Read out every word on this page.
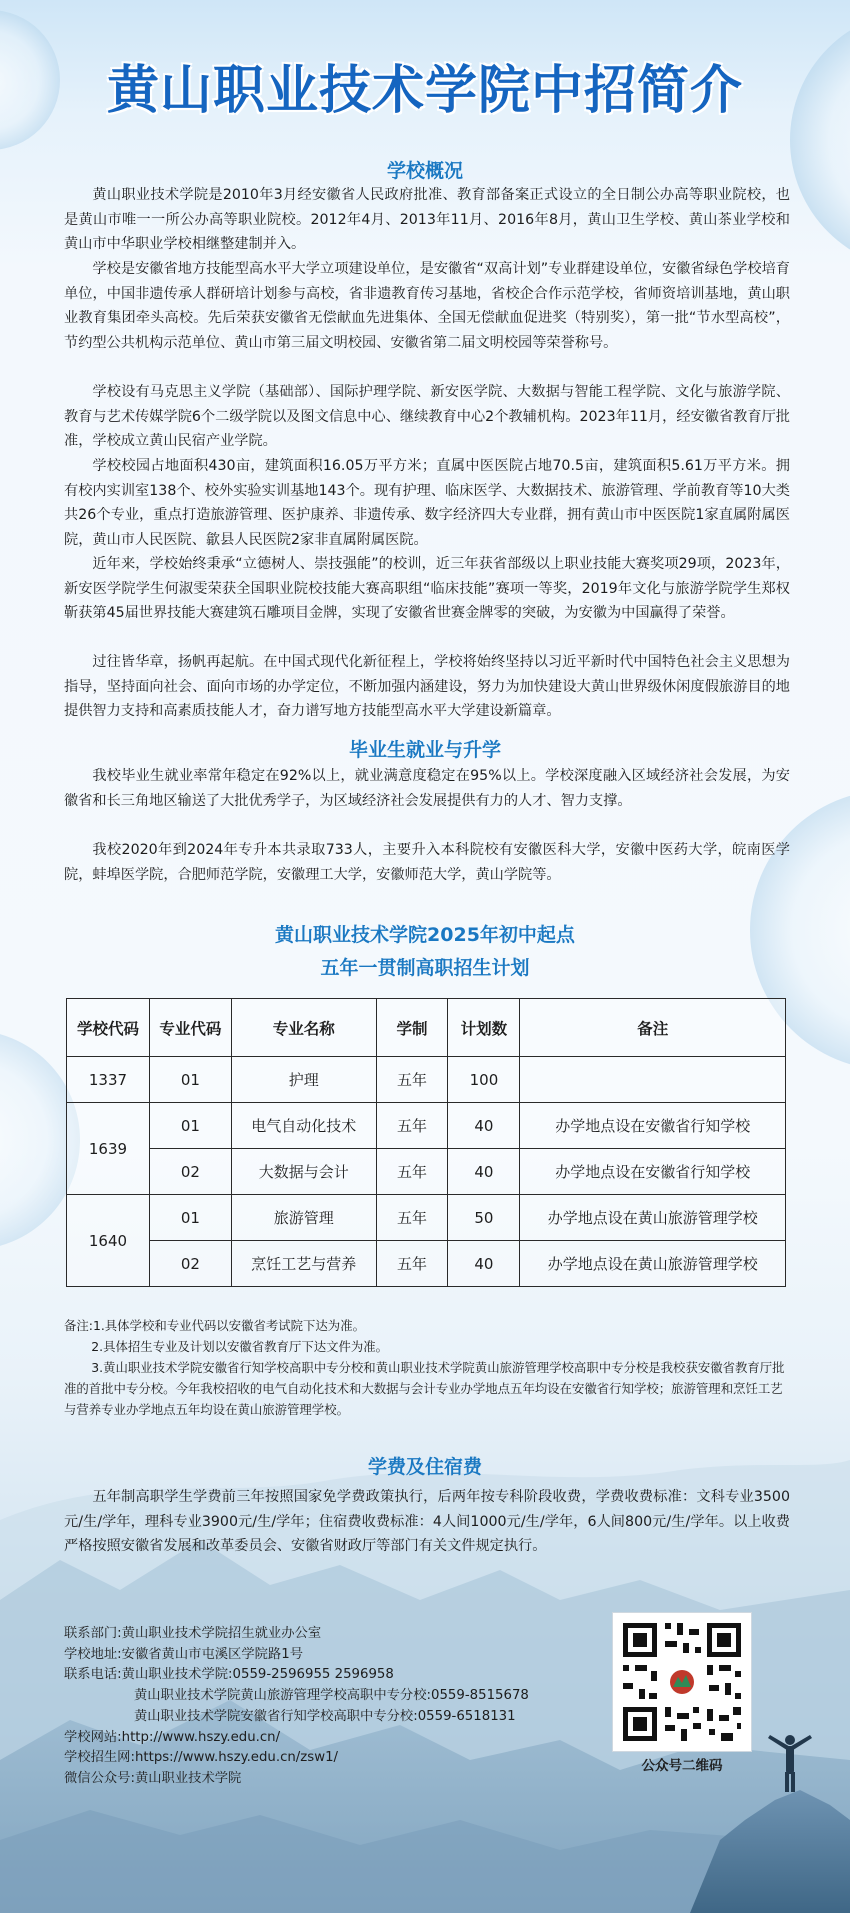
黄山职业技术学院中招简介
学校概况

黄山职业技术学院是2010年3月经安徽省人民政府批准、教育部备案正式设立的全日制公办高等职业院校，也是黄山市唯一一所公办高等职业院校。2012年4月、2013年11月、2016年8月，黄山卫生学校、黄山茶业学校和黄山市中华职业学校相继整建制并入。

学校是安徽省地方技能型高水平大学立项建设单位，是安徽省“双高计划”专业群建设单位，安徽省绿色学校培育单位，中国非遗传承人群研培计划参与高校，省非遗教育传习基地，省校企合作示范学校，省师资培训基地，黄山职业教育集团牵头高校。先后荣获安徽省无偿献血先进集体、全国无偿献血促进奖（特别奖），第一批“节水型高校”，节约型公共机构示范单位、黄山市第三届文明校园、安徽省第二届文明校园等荣誉称号。

学校设有马克思主义学院（基础部）、国际护理学院、新安医学院、大数据与智能工程学院、文化与旅游学院、教育与艺术传媒学院6个二级学院以及图文信息中心、继续教育中心2个教辅机构。2023年11月，经安徽省教育厅批准，学校成立黄山民宿产业学院。

学校校园占地面积430亩，建筑面积16.05万平方米；直属中医医院占地70.5亩，建筑面积5.61万平方米。拥有校内实训室138个、校外实验实训基地143个。现有护理、临床医学、大数据技术、旅游管理、学前教育等10大类共26个专业，重点打造旅游管理、医护康养、非遗传承、数字经济四大专业群，拥有黄山市中医医院1家直属附属医院，黄山市人民医院、歙县人民医院2家非直属附属医院。

近年来，学校始终秉承“立德树人、崇技强能”的校训，近三年获省部级以上职业技能大赛奖项29项，2023年，新安医学院学生何淑雯荣获全国职业院校技能大赛高职组“临床技能”赛项一等奖，2019年文化与旅游学院学生郑权靳获第45届世界技能大赛建筑石雕项目金牌，实现了安徽省世赛金牌零的突破，为安徽为中国赢得了荣誉。

过往皆华章，扬帆再起航。在中国式现代化新征程上，学校将始终坚持以习近平新时代中国特色社会主义思想为指导，坚持面向社会、面向市场的办学定位，不断加强内涵建设，努力为加快建设大黄山世界级休闲度假旅游目的地提供智力支持和高素质技能人才，奋力谱写地方技能型高水平大学建设新篇章。

毕业生就业与升学

我校毕业生就业率常年稳定在92%以上，就业满意度稳定在95%以上。学校深度融入区域经济社会发展，为安徽省和长三角地区输送了大批优秀学子，为区域经济社会发展提供有力的人才、智力支撑。

我校2020年到2024年专升本共录取733人，主要升入本科院校有安徽医科大学，安徽中医药大学，皖南医学院，蚌埠医学院，合肥师范学院，安徽理工大学，安徽师范大学，黄山学院等。

黄山职业技术学院2025年初中起点
五年一贯制高职招生计划
学校代码	专业代码	专业名称	学制	计划数	备注
1337	01	护理	五年	100	
1639	01	电气自动化技术	五年	40	办学地点设在安徽省行知学校
	02	大数据与会计	五年	40	办学地点设在安徽省行知学校
1640	01	旅游管理	五年	50	办学地点设在黄山旅游管理学校
	02	烹饪工艺与营养	五年	40	办学地点设在黄山旅游管理学校
备注:1.具体学校和专业代码以安徽省考试院下达为准。
2.具体招生专业及计划以安徽省教育厅下达文件为准。
3.黄山职业技术学院安徽省行知学校高职中专分校和黄山职业技术学院黄山旅游管理学校高职中专分校是我校获安徽省教育厅批准的首批中专分校。今年我校招收的电气自动化技术和大数据与会计专业办学地点五年均设在安徽省行知学校；旅游管理和烹饪工艺与营养专业办学地点五年均设在黄山旅游管理学校。
学费及住宿费

五年制高职学生学费前三年按照国家免学费政策执行，后两年按专科阶段收费，学费收费标准：文科专业3500元/生/学年，理科专业3900元/生/学年；住宿费收费标准：4人间1000元/生/学年，6人间800元/生/学年。以上收费严格按照安徽省发展和改革委员会、安徽省财政厅等部门有关文件规定执行。

联系部门:黄山职业技术学院招生就业办公室
学校地址:安徽省黄山市屯溪区学院路1号
联系电话:黄山职业技术学院:0559-2596955 2596958
黄山职业技术学院黄山旅游管理学校高职中专分校:0559-8515678
黄山职业技术学院安徽省行知学校高职中专分校:0559-6518131
学校网站:http://www.hszy.edu.cn/
学校招生网:https://www.hszy.edu.cn/zsw1/
微信公众号:黄山职业技术学院
公众号二维码
